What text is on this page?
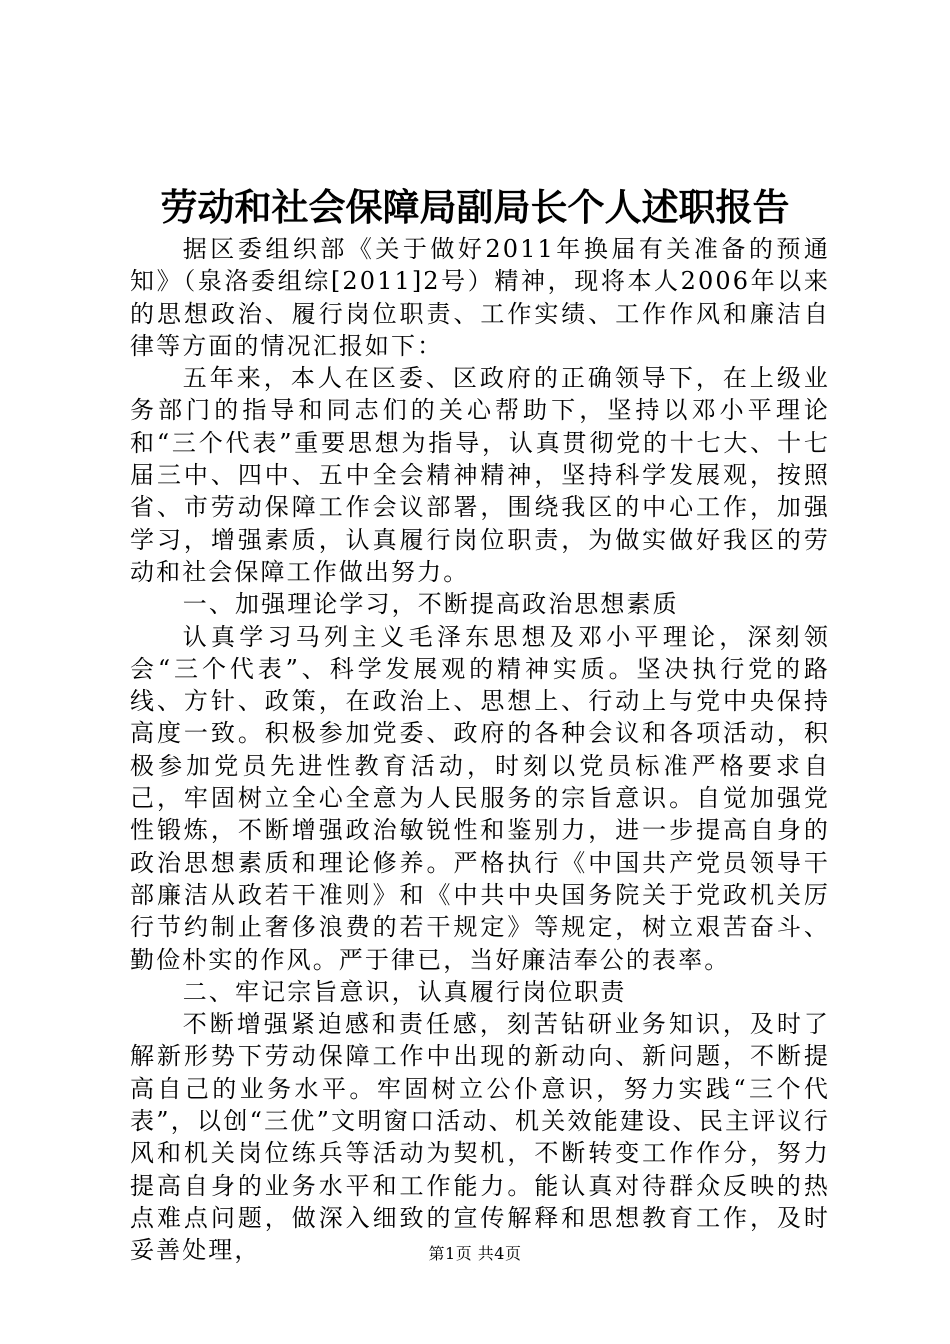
劳动和社会保障局副局长个人述职报告

据区委组织部《关于做好2011年换届有关准备的预通知》（泉洛委组综[2011]2号）精神，现将本人2006年以来的思想政治、履行岗位职责、工作实绩、工作作风和廉洁自律等方面的情况汇报如下：

五年来，本人在区委、区政府的正确领导下，在上级业务部门的指导和同志们的关心帮助下，坚持以邓小平理论和“三个代表”重要思想为指导，认真贯彻党的十七大、十七届三中、四中、五中全会精神精神，坚持科学发展观，按照省、市劳动保障工作会议部署，围绕我区的中心工作，加强学习，增强素质，认真履行岗位职责，为做实做好我区的劳动和社会保障工作做出努力。

一、加强理论学习，不断提高政治思想素质

认真学习马列主义毛泽东思想及邓小平理论，深刻领会“三个代表”、科学发展观的精神实质。坚决执行党的路线、方针、政策，在政治上、思想上、行动上与党中央保持高度一致。积极参加党委、政府的各种会议和各项活动，积极参加党员先进性教育活动，时刻以党员标准严格要求自己，牢固树立全心全意为人民服务的宗旨意识。自觉加强党性锻炼，不断增强政治敏锐性和鉴别力，进一步提高自身的政治思想素质和理论修养。严格执行《中国共产党员领导干部廉洁从政若干准则》和《中共中央国务院关于党政机关厉行节约制止奢侈浪费的若干规定》等规定，树立艰苦奋斗、勤俭朴实的作风。严于律已，当好廉洁奉公的表率。

二、牢记宗旨意识，认真履行岗位职责

不断增强紧迫感和责任感，刻苦钻研业务知识，及时了解新形势下劳动保障工作中出现的新动向、新问题，不断提高自己的业务水平。牢固树立公仆意识，努力实践“三个代表”，以创“三优”文明窗口活动、机关效能建设、民主评议行风和机关岗位练兵等活动为契机，不断转变工作作分，努力提高自身的业务水平和工作能力。能认真对待群众反映的热点难点问题，做深入细致的宣传解释和思想教育工作，及时妥善处理，	第1页 共4页
